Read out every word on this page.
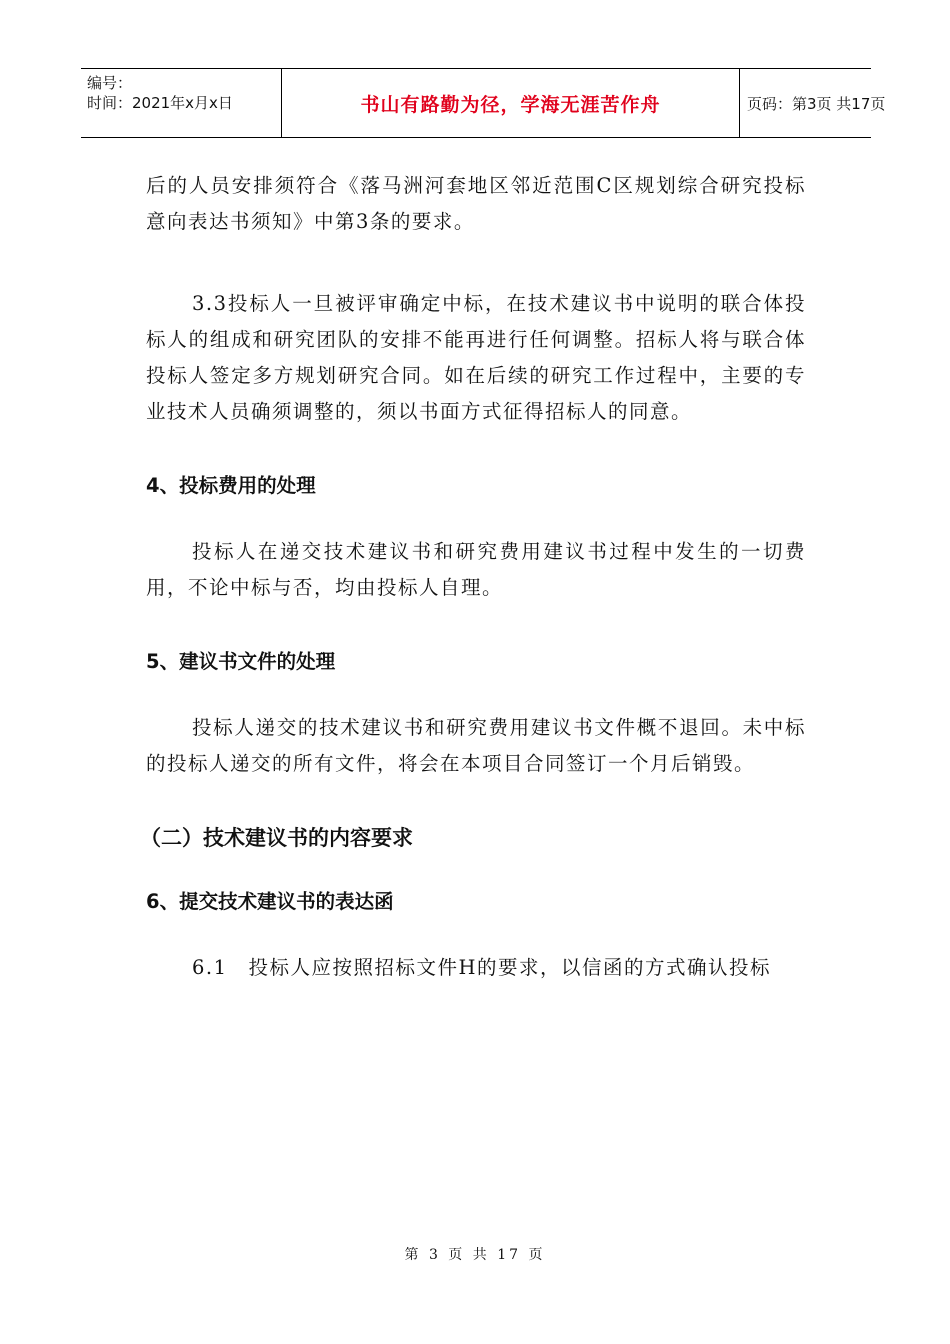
编号：
时间：2021年x月x日	书山有路勤为径，学海无涯苦作舟	页码：第3页 共17页

后的人员安排须符合《落马洲河套地区邻近范围C区规划综合研究投标意向表达书须知》中第3条的要求。

3.3投标人一旦被评审确定中标，在技术建议书中说明的联合体投标人的组成和研究团队的安排不能再进行任何调整。招标人将与联合体投标人签定多方规划研究合同。如在后续的研究工作过程中，主要的专业技术人员确须调整的，须以书面方式征得招标人的同意。

4、投标费用的处理

投标人在递交技术建议书和研究费用建议书过程中发生的一切费用，不论中标与否，均由投标人自理。

5、建议书文件的处理

投标人递交的技术建议书和研究费用建议书文件概不退回。未中标的投标人递交的所有文件，将会在本项目合同签订一个月后销毁。

（二）技术建议书的内容要求

6、提交技术建议书的表达函

6.1　投标人应按照招标文件H的要求，以信函的方式确认投标

第 3 页 共 17 页
